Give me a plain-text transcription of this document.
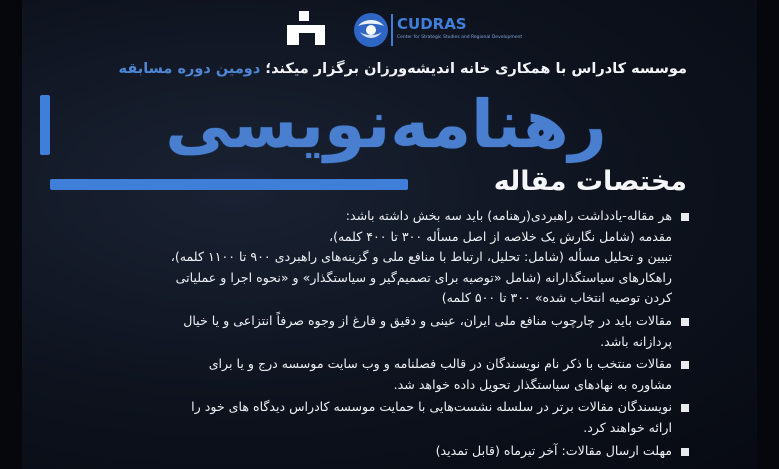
CUDRAS
Center for Strategic Studies and Regional Development
موسسه کادراس با همکاری خانه اندیشه‌ورزان برگزار میکند؛ دومین دوره مسابقه
رهنامه‌نویسی
مختصات مقاله
هر مقاله-یادداشت راهبردی(رهنامه) باید سه بخش داشته باشد:
مقدمه (شامل نگارش یک خلاصه از اصل مسأله ۳۰۰ تا ۴۰۰ کلمه)،
تبیین و تحلیل مسأله (شامل: تحلیل، ارتباط با منافع ملی و گزینه‌های راهبردی ۹۰۰ تا ۱۱۰۰ کلمه)،
راهکارهای سیاستگذارانه (شامل «توصیه برای تصمیم‌گیر و سیاستگذار» و «نحوه اجرا و عملیاتی
کردن توصیه انتخاب شده» ۳۰۰ تا ۵۰۰ کلمه)
مقالات باید در چارچوب منافع ملی ایران، عینی و دقیق و فارغ از وجوه صرفاً انتزاعی و یا خیال
پردازانه باشد.
مقالات منتخب با ذکر نام نویسندگان در قالب فصلنامه و وب سایت موسسه درج و یا برای
مشاوره به نهادهای سیاستگذار تحویل داده خواهد شد.
نویسندگان مقالات برتر در سلسله نشست‌هایی با حمایت موسسه کادراس دیدگاه های خود را
ارائه خواهند کرد.
مهلت ارسال مقالات: آخر تیرماه (قابل تمدید)
